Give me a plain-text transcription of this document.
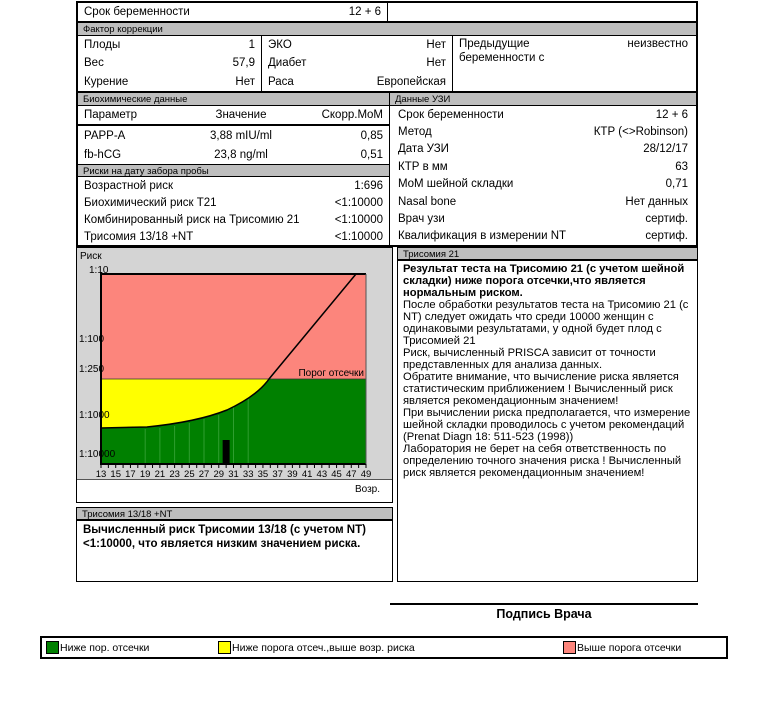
Срок беременности	12 + 6
Фактор коррекции
Плоды	1
Вес	57,9
Курение	Нет
ЭКО	Нет
Диабет	Нет
Раса	Европейская
Предыдущие беременности с
неизвестно
Биохимические данные	Данные УЗИ
Параметр	Значение	Скорр.MoM
PAPP-A	3,88 mIU/ml	0,85
fb-hCG	23,8 ng/ml	0,51
Риски на дату забора пробы
Возрастной риск	1:696
Биохимический риск T21	<1:10000
Комбинированный риск на Трисомию 21	<1:10000
Трисомия 13/18 +NT	<1:10000
Срок беременности	12 + 6
Метод	КТР (<>Robinson)
Дата УЗИ	28/12/17
КТР в мм	63
MoM шейной складки	0,71
Nasal bone	Нет данных
Врач узи	сертиф.
Квалификация в измерении NT	сертиф.
Риск
1:10
1:100
1:250
1:1000
1:10000
Порог отсечки
13 15 17 19 21 23 25 27 29 31 33 35 37 39 41 43 45 47 49
Возр.
Трисомия 21

Результат теста на Трисомию 21 (с учетом шейной складки) ниже порога отсечки,что является нормальным риском.

После обработки результатов теста на Трисомию 21 (с NT) следует ожидать что среди 10000 женщин с одинаковыми результатами, у одной будет плод с Трисомией 21

Риск, вычисленный PRISCA зависит от точности представленных для анализа данных.

Обратите внимание, что вычисление риска является статистическим приближением ! Вычисленный риск является рекомендационным значением!

При вычислении риска предполагается, что измерение шейной складки проводилось с учетом рекомендаций (Prenat Diagn 18: 511-523 (1998))

Лаборатория не берет на себя ответственность по определению точного значения риска ! Вычисленный риск является рекомендационным значением!

Трисомия 13/18 +NT
Вычисленный риск Трисомии 13/18 (с учетом NT) <1:10000, что является низким значением риска.
Подпись Врача
Ниже пор. отсечки	Ниже порога отсеч.,выше возр. риска	Выше порога отсечки
